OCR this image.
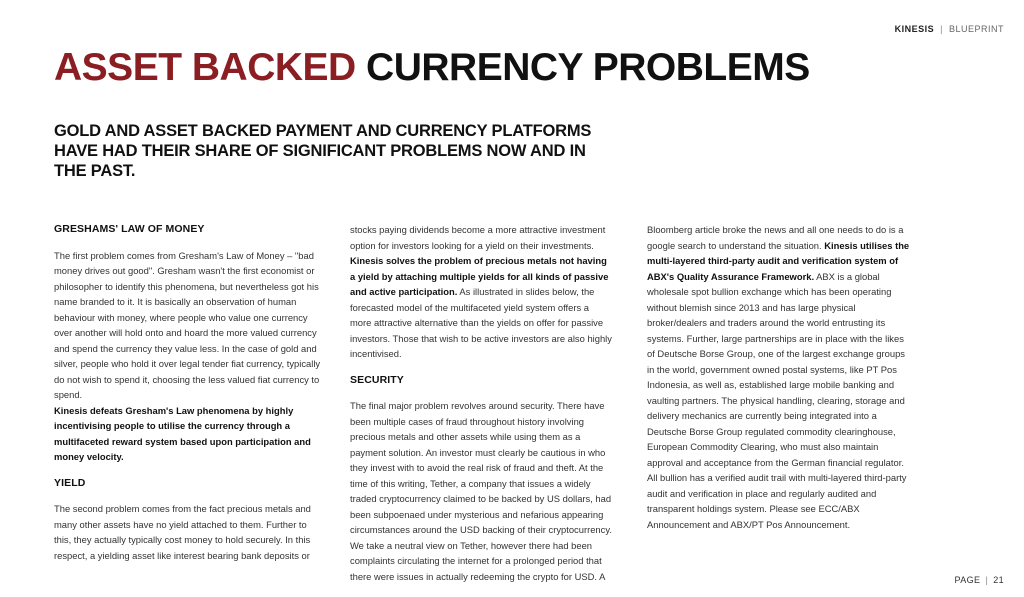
KINESIS | BLUEPRINT
ASSET BACKED CURRENCY PROBLEMS
GOLD AND ASSET BACKED PAYMENT AND CURRENCY PLATFORMS HAVE HAD THEIR SHARE OF SIGNIFICANT PROBLEMS NOW AND IN THE PAST.
GRESHAMS' LAW OF MONEY

The first problem comes from Gresham's Law of Money – "bad money drives out good". Gresham wasn't the first economist or philosopher to identify this phenomena, but nevertheless got his name branded to it. It is basically an observation of human behaviour with money, where people who value one currency over another will hold onto and hoard the more valued currency and spend the currency they value less. In the case of gold and silver, people who hold it over legal tender fiat currency, typically do not wish to spend it, choosing the less valued fiat currency to spend.

Kinesis defeats Gresham's Law phenomena by highly incentivising people to utilise the currency through a multifaceted reward system based upon participation and money velocity.

YIELD

The second problem comes from the fact precious metals and many other assets have no yield attached to them. Further to this, they actually typically cost money to hold securely. In this respect, a yielding asset like interest bearing bank deposits or

stocks paying dividends become a more attractive investment option for investors looking for a yield on their investments. Kinesis solves the problem of precious metals not having a yield by attaching multiple yields for all kinds of passive and active participation. As illustrated in slides below, the forecasted model of the multifaceted yield system offers a more attractive alternative than the yields on offer for passive investors. Those that wish to be active investors are also highly incentivised.

SECURITY

The final major problem revolves around security. There have been multiple cases of fraud throughout history involving precious metals and other assets while using them as a payment solution. An investor must clearly be cautious in who they invest with to avoid the real risk of fraud and theft. At the time of this writing, Tether, a company that issues a widely traded cryptocurrency claimed to be backed by US dollars, had been subpoenaed under mysterious and nefarious appearing circumstances around the USD backing of their cryptocurrency. We take a neutral view on Tether, however there had been complaints circulating the internet for a prolonged period that there were issues in actually redeeming the crypto for USD. A

Bloomberg article broke the news and all one needs to do is a google search to understand the situation. Kinesis utilises the multi-layered third-party audit and verification system of ABX's Quality Assurance Framework. ABX is a global wholesale spot bullion exchange which has been operating without blemish since 2013 and has large physical broker/dealers and traders around the world entrusting its systems. Further, large partnerships are in place with the likes of Deutsche Borse Group, one of the largest exchange groups in the world, government owned postal systems, like PT Pos Indonesia, as well as, established large mobile banking and vaulting partners. The physical handling, clearing, storage and delivery mechanics are currently being integrated into a Deutsche Borse Group regulated commodity clearinghouse, European Commodity Clearing, who must also maintain approval and acceptance from the German financial regulator. All bullion has a verified audit trail with multi-layered third-party audit and verification in place and regularly audited and transparent holdings system. Please see ECC/ABX Announcement and ABX/PT Pos Announcement.

PAGE | 21
